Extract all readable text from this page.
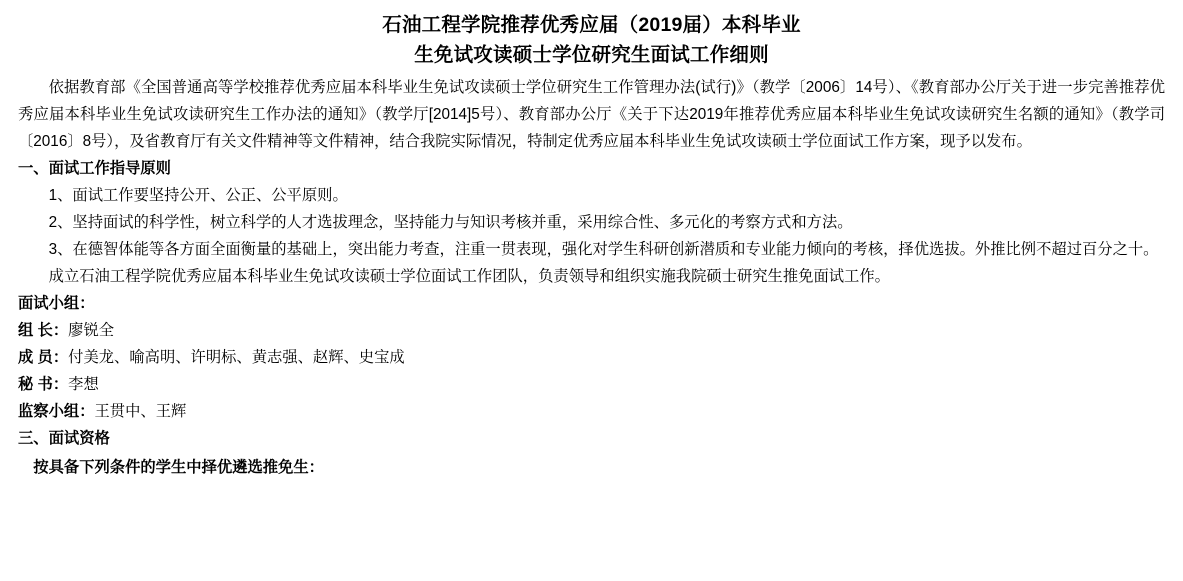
石油工程学院推荐优秀应届（2019届）本科毕业
生免试攻读硕士学位研究生面试工作细则

依据教育部《全国普通高等学校推荐优秀应届本科毕业生免试攻读硕士学位研究生工作管理办法(试行)》（教学〔2006〕14号）、《教育部办公厅关于进一步完善推荐优秀应届本科毕业生免试攻读研究生工作办法的通知》（教学厅[2014]5号）、教育部办公厅《关于下达2019年推荐优秀应届本科毕业生免试攻读研究生名额的通知》（教学司〔2016〕8号），及省教育厅有关文件精神等文件精神，结合我院实际情况，特制定优秀应届本科毕业生免试攻读硕士学位面试工作方案，现予以发布。

一、面试工作指导原则

1、面试工作要坚持公开、公正、公平原则。

2、坚持面试的科学性，树立科学的人才选拔理念，坚持能力与知识考核并重，采用综合性、多元化的考察方式和方法。

3、在德智体能等各方面全面衡量的基础上，突出能力考查，注重一贯表现，强化对学生科研创新潜质和专业能力倾向的考核，择优选拔。外推比例不超过百分之十。

成立石油工程学院优秀应届本科毕业生免试攻读硕士学位面试工作团队，负责领导和组织实施我院硕士研究生推免面试工作。

面试小组：

组 长：廖锐全

成 员：付美龙、喻高明、许明标、黄志强、赵辉、史宝成

秘 书：李想

监察小组：王贯中、王辉

三、面试资格

按具备下列条件的学生中择优遴选推免生：
